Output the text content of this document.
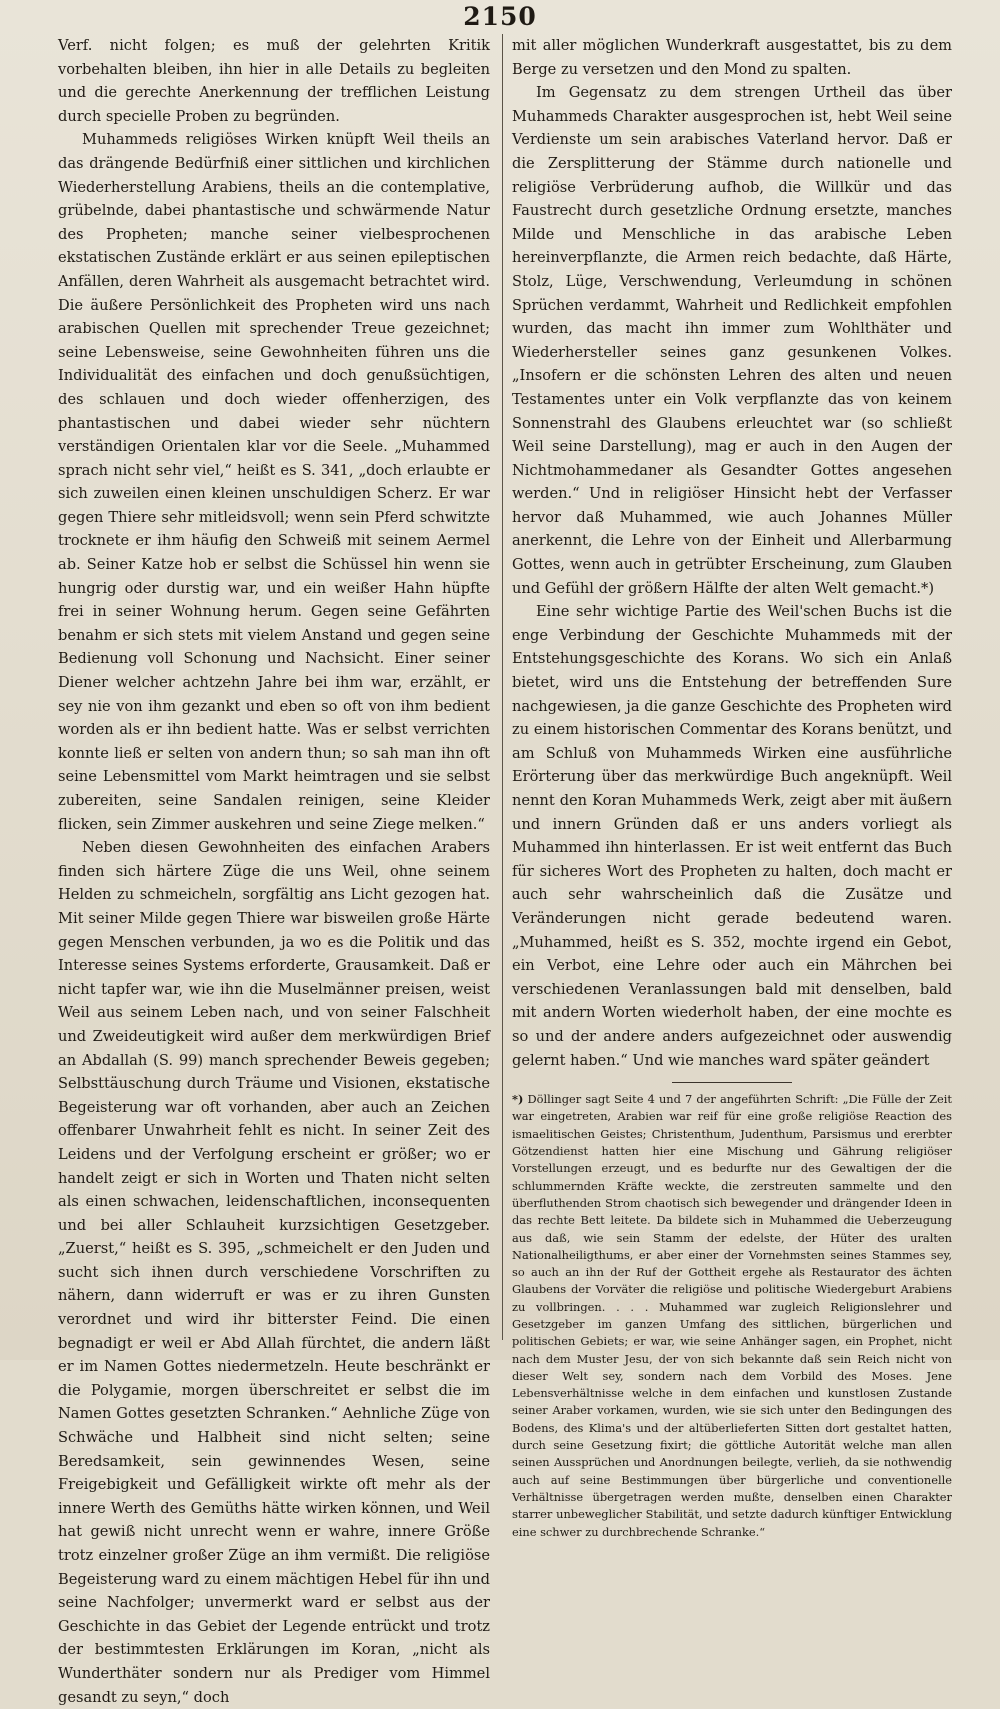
2150

Verf. nicht folgen; es muß der gelehrten Kritik vorbehalten bleiben, ihn hier in alle Details zu begleiten und die gerechte Anerkennung der trefflichen Leistung durch specielle Proben zu begründen.

Muhammeds religiöses Wirken knüpft Weil theils an das drängende Bedürfniß einer sittlichen und kirchlichen Wiederherstellung Arabiens, theils an die contemplative, grübelnde, dabei phantastische und schwärmende Natur des Propheten; manche seiner vielbesprochenen ekstatischen Zustände erklärt er aus seinen epileptischen Anfällen, deren Wahrheit als ausgemacht betrachtet wird. Die äußere Persönlichkeit des Propheten wird uns nach arabischen Quellen mit sprechender Treue gezeichnet; seine Lebensweise, seine Gewohnheiten führen uns die Individualität des einfachen und doch genußsüchtigen, des schlauen und doch wieder offenherzigen, des phantastischen und dabei wieder sehr nüchtern verständigen Orientalen klar vor die Seele. „Muhammed sprach nicht sehr viel,“ heißt es S. 341, „doch erlaubte er sich zuweilen einen kleinen unschuldigen Scherz. Er war gegen Thiere sehr mitleidsvoll; wenn sein Pferd schwitzte trocknete er ihm häufig den Schweiß mit seinem Aermel ab. Seiner Katze hob er selbst die Schüssel hin wenn sie hungrig oder durstig war, und ein weißer Hahn hüpfte frei in seiner Wohnung herum. Gegen seine Gefährten benahm er sich stets mit vielem Anstand und gegen seine Bedienung voll Schonung und Nachsicht. Einer seiner Diener welcher achtzehn Jahre bei ihm war, erzählt, er sey nie von ihm gezankt und eben so oft von ihm bedient worden als er ihn bedient hatte. Was er selbst verrichten konnte ließ er selten von andern thun; so sah man ihn oft seine Lebensmittel vom Markt heimtragen und sie selbst zubereiten, seine Sandalen reinigen, seine Kleider flicken, sein Zimmer auskehren und seine Ziege melken.“

Neben diesen Gewohnheiten des einfachen Arabers finden sich härtere Züge die uns Weil, ohne seinem Helden zu schmeicheln, sorgfältig ans Licht gezogen hat. Mit seiner Milde gegen Thiere war bisweilen große Härte gegen Menschen verbunden, ja wo es die Politik und das Interesse seines Systems erforderte, Grausamkeit. Daß er nicht tapfer war, wie ihn die Muselmänner preisen, weist Weil aus seinem Leben nach, und von seiner Falschheit und Zweideutigkeit wird außer dem merkwürdigen Brief an Abdallah (S. 99) manch sprechender Beweis gegeben; Selbsttäuschung durch Träume und Visionen, ekstatische Begeisterung war oft vorhanden, aber auch an Zeichen offenbarer Unwahrheit fehlt es nicht. In seiner Zeit des Leidens und der Verfolgung erscheint er größer; wo er handelt zeigt er sich in Worten und Thaten nicht selten als einen schwachen, leidenschaftlichen, inconsequenten und bei aller Schlauheit kurzsichtigen Gesetzgeber. „Zuerst,“ heißt es S. 395, „schmeichelt er den Juden und sucht sich ihnen durch verschiedene Vorschriften zu nähern, dann widerruft er was er zu ihren Gunsten verordnet und wird ihr bitterster Feind. Die einen begnadigt er weil er Abd Allah fürchtet, die andern läßt er im Namen Gottes niedermetzeln. Heute beschränkt er die Polygamie, morgen überschreitet er selbst die im Namen Gottes gesetzten Schranken.“ Aehnliche Züge von Schwäche und Halbheit sind nicht selten; seine Beredsamkeit, sein gewinnendes Wesen, seine Freigebigkeit und Gefälligkeit wirkte oft mehr als der innere Werth des Gemüths hätte wirken können, und Weil hat gewiß nicht unrecht wenn er wahre, innere Größe trotz einzelner großer Züge an ihm vermißt. Die religiöse Begeisterung ward zu einem mächtigen Hebel für ihn und seine Nachfolger; unvermerkt ward er selbst aus der Geschichte in das Gebiet der Legende entrückt und trotz der bestimmtesten Erklärungen im Koran, „nicht als Wunderthäter sondern nur als Prediger vom Himmel gesandt zu seyn,“ doch

mit aller möglichen Wunderkraft ausgestattet, bis zu dem Berge zu versetzen und den Mond zu spalten.

Im Gegensatz zu dem strengen Urtheil das über Muhammeds Charakter ausgesprochen ist, hebt Weil seine Verdienste um sein arabisches Vaterland hervor. Daß er die Zersplitterung der Stämme durch nationelle und religiöse Verbrüderung aufhob, die Willkür und das Faustrecht durch gesetzliche Ordnung ersetzte, manches Milde und Menschliche in das arabische Leben hereinverpflanzte, die Armen reich bedachte, daß Härte, Stolz, Lüge, Verschwendung, Verleumdung in schönen Sprüchen verdammt, Wahrheit und Redlichkeit empfohlen wurden, das macht ihn immer zum Wohlthäter und Wiederhersteller seines ganz gesunkenen Volkes. „Insofern er die schönsten Lehren des alten und neuen Testamentes unter ein Volk verpflanzte das von keinem Sonnenstrahl des Glaubens erleuchtet war (so schließt Weil seine Darstellung), mag er auch in den Augen der Nichtmohammedaner als Gesandter Gottes angesehen werden.“ Und in religiöser Hinsicht hebt der Verfasser hervor daß Muhammed, wie auch Johannes Müller anerkennt, die Lehre von der Einheit und Allerbarmung Gottes, wenn auch in getrübter Erscheinung, zum Glauben und Gefühl der größern Hälfte der alten Welt gemacht.*)

Eine sehr wichtige Partie des Weil'schen Buchs ist die enge Verbindung der Geschichte Muhammeds mit der Entstehungsgeschichte des Korans. Wo sich ein Anlaß bietet, wird uns die Entstehung der betreffenden Sure nachgewiesen, ja die ganze Geschichte des Propheten wird zu einem historischen Commentar des Korans benützt, und am Schluß von Muhammeds Wirken eine ausführliche Erörterung über das merkwürdige Buch angeknüpft. Weil nennt den Koran Muhammeds Werk, zeigt aber mit äußern und innern Gründen daß er uns anders vorliegt als Muhammed ihn hinterlassen. Er ist weit entfernt das Buch für sicheres Wort des Propheten zu halten, doch macht er auch sehr wahrscheinlich daß die Zusätze und Veränderungen nicht gerade bedeutend waren. „Muhammed, heißt es S. 352, mochte irgend ein Gebot, ein Verbot, eine Lehre oder auch ein Mährchen bei verschiedenen Veranlassungen bald mit denselben, bald mit andern Worten wiederholt haben, der eine mochte es so und der andere anders aufgezeichnet oder auswendig gelernt haben.“ Und wie manches ward später geändert

*) Döllinger sagt Seite 4 und 7 der angeführten Schrift: „Die Fülle der Zeit war eingetreten, Arabien war reif für eine große religiöse Reaction des ismaelitischen Geistes; Christenthum, Judenthum, Parsismus und ererbter Götzendienst hatten hier eine Mischung und Gährung religiöser Vorstellungen erzeugt, und es bedurfte nur des Gewaltigen der die schlummernden Kräfte weckte, die zerstreuten sammelte und den überfluthenden Strom chaotisch sich bewegender und drängender Ideen in das rechte Bett leitete. Da bildete sich in Muhammed die Ueberzeugung aus daß, wie sein Stamm der edelste, der Hüter des uralten Nationalheiligthums, er aber einer der Vornehmsten seines Stammes sey, so auch an ihn der Ruf der Gottheit ergehe als Restaurator des ächten Glaubens der Vorväter die religiöse und politische Wiedergeburt Arabiens zu vollbringen. . . . Muhammed war zugleich Religionslehrer und Gesetzgeber im ganzen Umfang des sittlichen, bürgerlichen und politischen Gebiets; er war, wie seine Anhänger sagen, ein Prophet, nicht nach dem Muster Jesu, der von sich bekannte daß sein Reich nicht von dieser Welt sey, sondern nach dem Vorbild des Moses. Jene Lebensverhältnisse welche in dem einfachen und kunstlosen Zustande seiner Araber vorkamen, wurden, wie sie sich unter den Bedingungen des Bodens, des Klima's und der altüberlieferten Sitten dort gestaltet hatten, durch seine Gesetzung fixirt; die göttliche Autorität welche man allen seinen Aussprüchen und Anordnungen beilegte, verlieh, da sie nothwendig auch auf seine Bestimmungen über bürgerliche und conventionelle Verhältnisse übergetragen werden mußte, denselben einen Charakter starrer unbeweglicher Stabilität, und setzte dadurch künftiger Entwicklung eine schwer zu durchbrechende Schranke.“
